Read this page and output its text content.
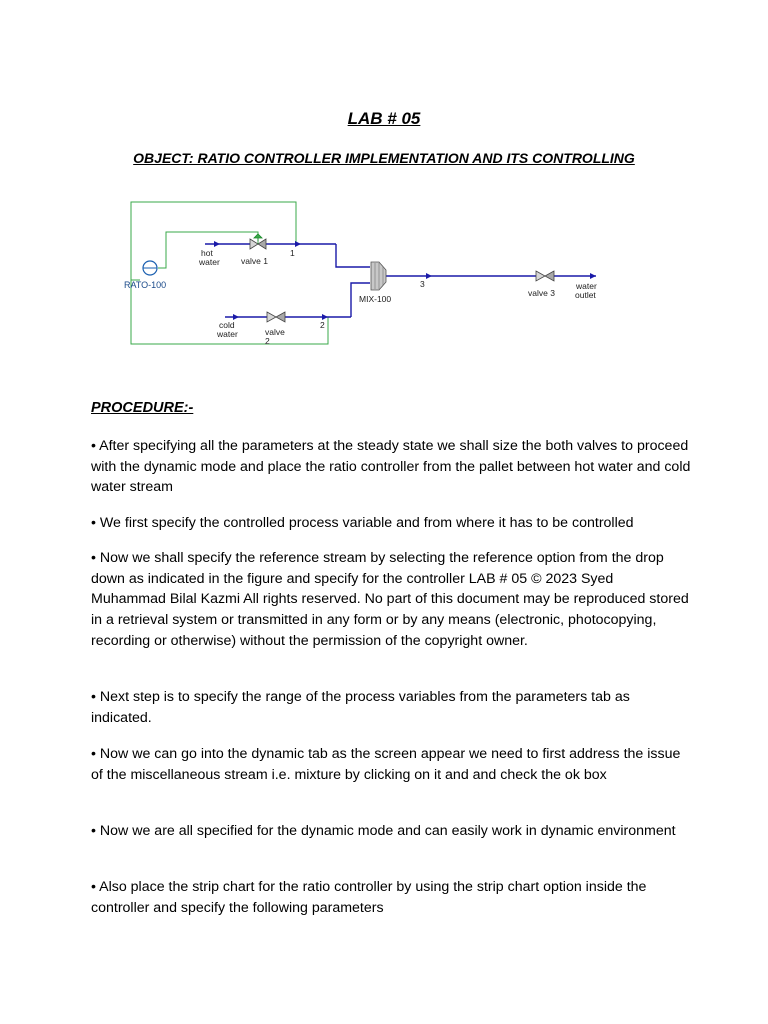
LAB # 05
OBJECT: RATIO CONTROLLER IMPLEMENTATION AND ITS CONTROLLING
RATO-100
hot
water valve 1
1
cold
water	valve
2
2
MIX-100
3
valve 3
water
outlet
PROCEDURE:-

• After specifying all the parameters at the steady state we shall size the both valves to proceed with the dynamic mode and place the ratio controller from the pallet between hot water and cold water stream

• We first specify the controlled process variable and from where it has to be controlled

• Now we shall specify the reference stream by selecting the reference option from the drop down as indicated in the figure and specify for the controller LAB # 05 © 2023 Syed Muhammad Bilal Kazmi All rights reserved. No part of this document may be reproduced stored in a retrieval system or transmitted in any form or by any means (electronic, photocopying, recording or otherwise) without the permission of the copyright owner.

• Next step is to specify the range of the process variables from the parameters tab as indicated.

• Now we can go into the dynamic tab as the screen appear we need to first address the issue of the miscellaneous stream i.e. mixture by clicking on it and and check the ok box

• Now we are all specified for the dynamic mode and can easily work in dynamic environment

• Also place the strip chart for the ratio controller by using the strip chart option inside the controller and specify the following parameters
